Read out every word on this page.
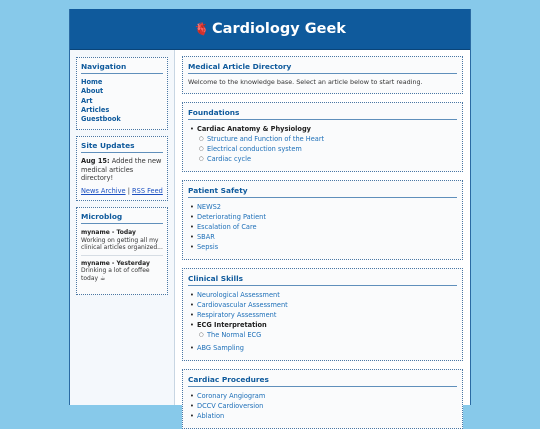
🫀 Cardiology Geek
Navigation
Home
About
Art
Articles
Guestbook
Site Updates
Aug 15: Added the new medical articles directory!
News Archive | RSS Feed
Microblog
myname - Today
Working on getting all my clinical articles organized...
myname - Yesterday
Drinking a lot of coffee today ☕
Medical Article Directory

Welcome to the knowledge base. Select an article below to start reading.

Foundations
• Cardiac Anatomy & Physiology
○ Structure and Function of the Heart
○ Electrical conduction system
○ Cardiac cycle
Patient Safety
• NEWS2
• Deteriorating Patient
• Escalation of Care
• SBAR
• Sepsis
Clinical Skills
• Neurological Assessment
• Cardiovascular Assessment
• Respiratory Assessment
• ECG Interpretation
○ The Normal ECG
• ABG Sampling
Cardiac Procedures
• Coronary Angiogram
• DCCV Cardioversion
• Ablation
